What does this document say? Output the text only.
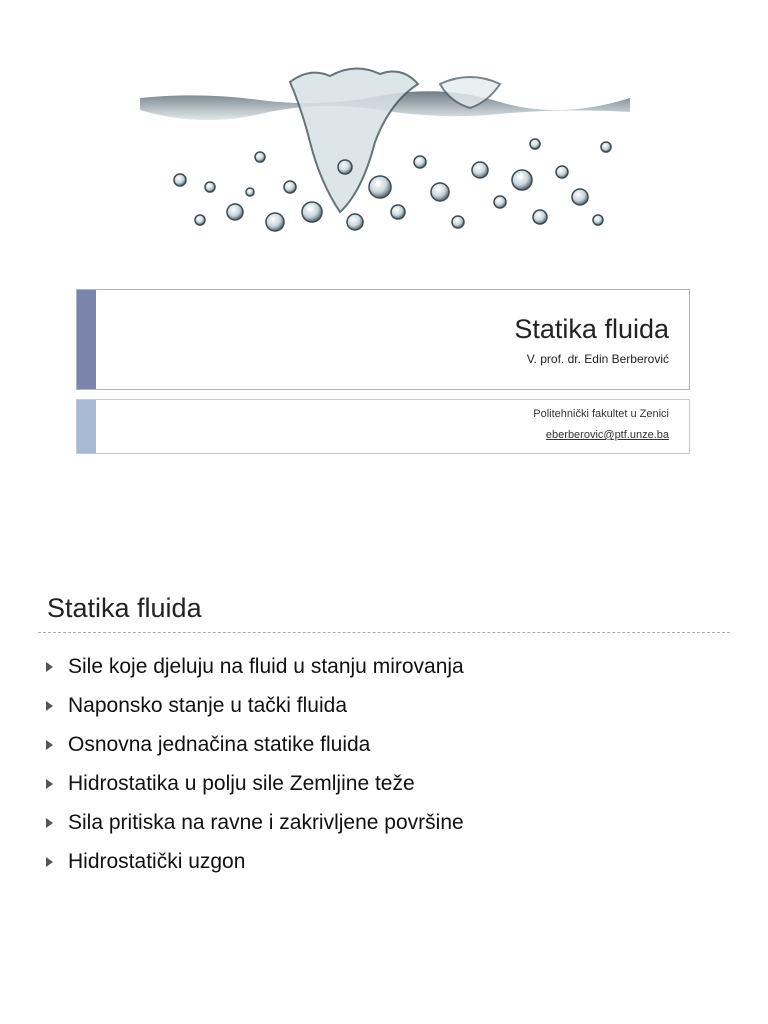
Statika fluida
V. prof. dr. Edin Berberović
Politehnički fakultet u Zenici
eberberovic@ptf.unze.ba
Statika fluida
Sile koje djeluju na fluid u stanju mirovanja
Naponsko stanje u tački fluida
Osnovna jednačina statike fluida
Hidrostatika u polju sile Zemljine teže
Sila pritiska na ravne i zakrivljene površine
Hidrostatički uzgon
